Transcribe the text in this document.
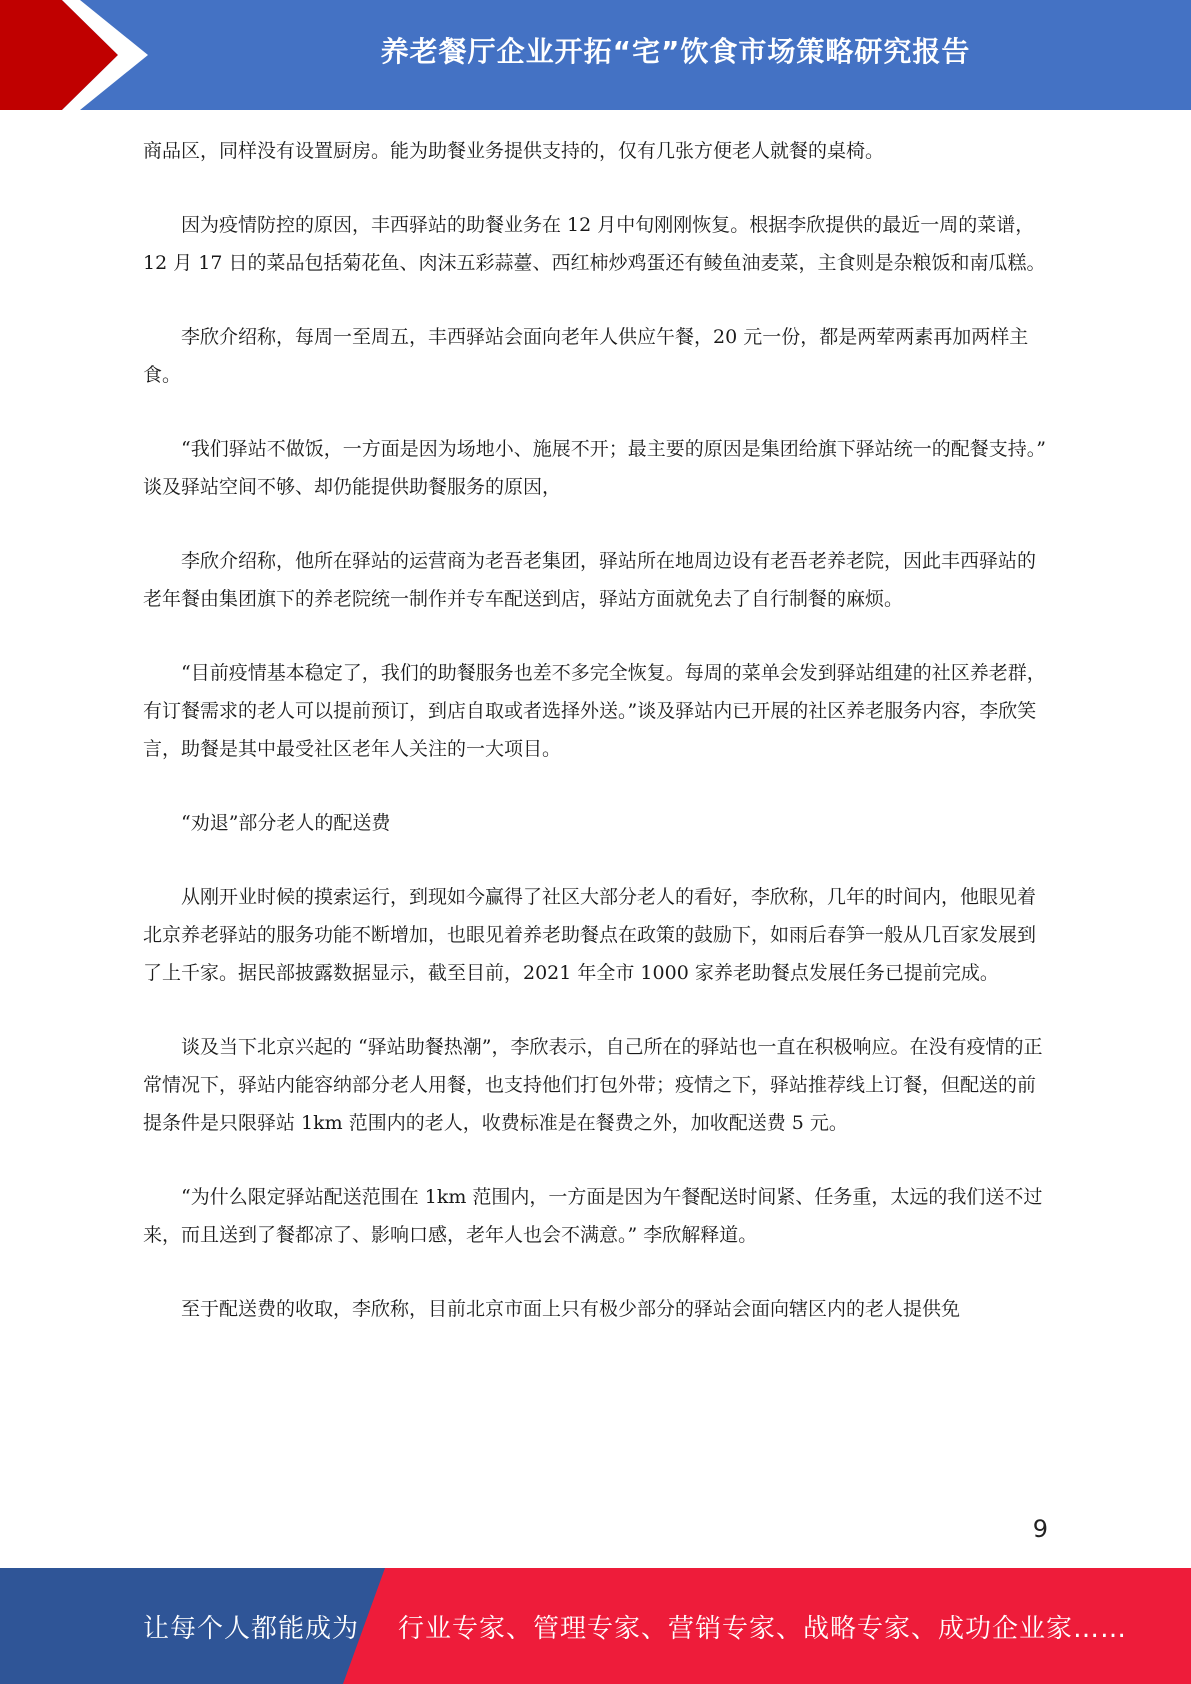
养老餐厅企业开拓“宅”饮食市场策略研究报告

商品区，同样没有设置厨房。能为助餐业务提供支持的，仅有几张方便老人就餐的桌椅。

因为疫情防控的原因，丰西驿站的助餐业务在 12 月中旬刚刚恢复。根据李欣提供的最近一周的菜谱，12 月 17 日的菜品包括菊花鱼、肉沫五彩蒜薹、西红柿炒鸡蛋还有鲮鱼油麦菜，主食则是杂粮饭和南瓜糕。

李欣介绍称，每周一至周五，丰西驿站会面向老年人供应午餐，20 元一份，都是两荤两素再加两样主食。

“我们驿站不做饭，一方面是因为场地小、施展不开；最主要的原因是集团给旗下驿站统一的配餐支持。” 谈及驿站空间不够、却仍能提供助餐服务的原因，

李欣介绍称，他所在驿站的运营商为老吾老集团，驿站所在地周边设有老吾老养老院，因此丰西驿站的老年餐由集团旗下的养老院统一制作并专车配送到店，驿站方面就免去了自行制餐的麻烦。

“目前疫情基本稳定了，我们的助餐服务也差不多完全恢复。每周的菜单会发到驿站组建的社区养老群，有订餐需求的老人可以提前预订，到店自取或者选择外送。”谈及驿站内已开展的社区养老服务内容，李欣笑言，助餐是其中最受社区老年人关注的一大项目。

“劝退”部分老人的配送费

从刚开业时候的摸索运行，到现如今赢得了社区大部分老人的看好，李欣称，几年的时间内，他眼见着北京养老驿站的服务功能不断增加，也眼见着养老助餐点在政策的鼓励下，如雨后春笋一般从几百家发展到了上千家。据民部披露数据显示，截至目前，2021 年全市 1000 家养老助餐点发展任务已提前完成。

谈及当下北京兴起的 “驿站助餐热潮”，李欣表示，自己所在的驿站也一直在积极响应。在没有疫情的正常情况下，驿站内能容纳部分老人用餐，也支持他们打包外带；疫情之下，驿站推荐线上订餐，但配送的前提条件是只限驿站 1km 范围内的老人，收费标准是在餐费之外，加收配送费 5 元。

“为什么限定驿站配送范围在 1km 范围内，一方面是因为午餐配送时间紧、任务重，太远的我们送不过来，而且送到了餐都凉了、影响口感，老年人也会不满意。” 李欣解释道。

至于配送费的收取，李欣称，目前北京市面上只有极少部分的驿站会面向辖区内的老人提供免

9
让每个人都能成为 行业专家、管理专家、营销专家、战略专家、成功企业家……
